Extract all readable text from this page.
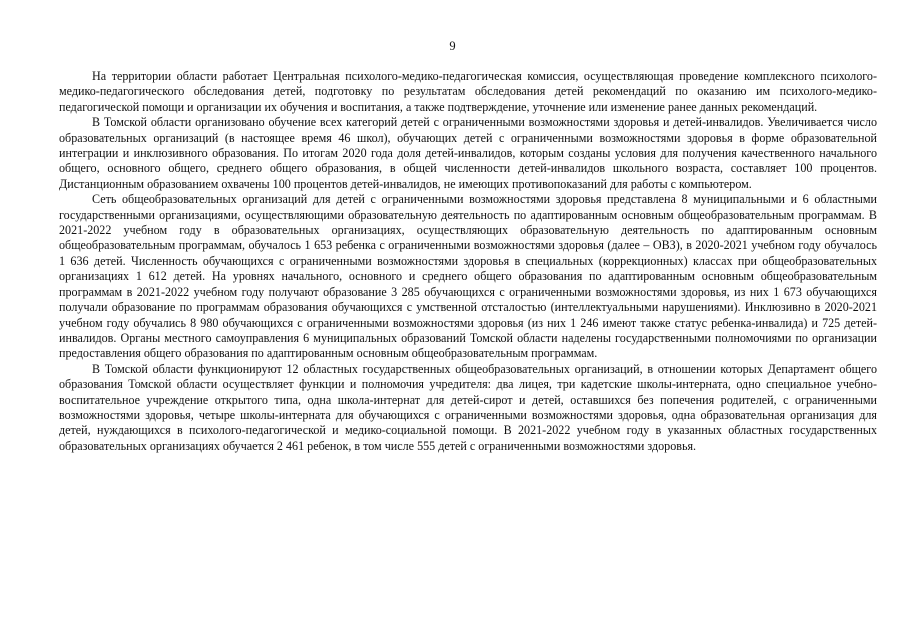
9

На территории области работает Центральная психолого-медико-педагогическая комиссия, осуществляющая проведение комплексного психолого-медико-педагогического обследования детей, подготовку по результатам обследования детей рекомендаций по оказанию им психолого-медико-педагогической помощи и организации их обучения и воспитания, а также подтверждение, уточнение или изменение ранее данных рекомендаций.

В Томской области организовано обучение всех категорий детей с ограниченными возможностями здоровья и детей-инвалидов. Увеличивается число образовательных организаций (в настоящее время 46 школ), обучающих детей с ограниченными возможностями здоровья в форме образовательной интеграции и инклюзивного образования. По итогам 2020 года доля детей-инвалидов, которым созданы условия для получения качественного начального общего, основного общего, среднего общего образования, в общей численности детей-инвалидов школьного возраста, составляет 100 процентов. Дистанционным образованием охвачены 100 процентов детей-инвалидов, не имеющих противопоказаний для работы с компьютером.

Сеть общеобразовательных организаций для детей с ограниченными возможностями здоровья представлена 8 муниципальными и 6 областными государственными организациями, осуществляющими образовательную деятельность по адаптированным основным общеобразовательным программам. В 2021-2022 учебном году в образовательных организациях, осуществляющих образовательную деятельность по адаптированным основным общеобразовательным программам, обучалось 1 653 ребенка с ограниченными возможностями здоровья (далее – ОВЗ), в 2020-2021 учебном году обучалось 1 636 детей. Численность обучающихся с ограниченными возможностями здоровья в специальных (коррекционных) классах при общеобразовательных организациях 1 612 детей. На уровнях начального, основного и среднего общего образования по адаптированным основным общеобразовательным программам в 2021-2022 учебном году получают образование 3 285 обучающихся с ограниченными возможностями здоровья, из них 1 673 обучающихся получали образование по программам образования обучающихся с умственной отсталостью (интеллектуальными нарушениями). Инклюзивно в 2020-2021 учебном году обучались 8 980 обучающихся с ограниченными возможностями здоровья (из них 1 246 имеют также статус ребенка-инвалида) и 725 детей-инвалидов. Органы местного самоуправления 6 муниципальных образований Томской области наделены государственными полномочиями по организации предоставления общего образования по адаптированным основным общеобразовательным программам.

В Томской области функционируют 12 областных государственных общеобразовательных организаций, в отношении которых Департамент общего образования Томской области осуществляет функции и полномочия учредителя: два лицея, три кадетские школы-интерната, одно специальное учебно-воспитательное учреждение открытого типа, одна школа-интернат для детей-сирот и детей, оставшихся без попечения родителей, с ограниченными возможностями здоровья, четыре школы-интерната для обучающихся с ограниченными возможностями здоровья, одна образовательная организация для детей, нуждающихся в психолого-педагогической и медико-социальной помощи. В 2021-2022 учебном году в указанных областных государственных образовательных организациях обучается 2 461 ребенок, в том числе 555 детей с ограниченными возможностями здоровья.
